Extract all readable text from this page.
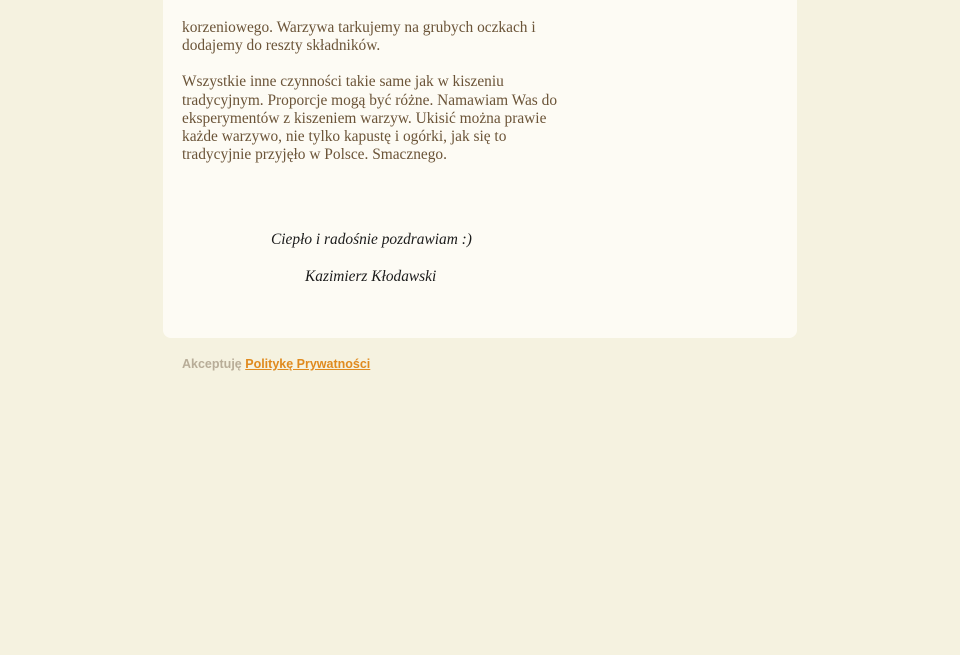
korzeniowego. Warzywa tarkujemy na grubych oczkach i dodajemy do reszty składników.

Wszystkie inne czynności takie same jak w kiszeniu tradycyjnym. Proporcje mogą być różne. Namawiam Was do eksperymentów z kiszeniem warzyw. Ukisić można prawie każde warzywo, nie tylko kapustę i ogórki, jak się to tradycyjnie przyjęło w Polsce. Smacznego.

Ciepło i radośnie pozdrawiam :)
Kazimierz Kłodawski
Akceptuję Politykę Prywatności
